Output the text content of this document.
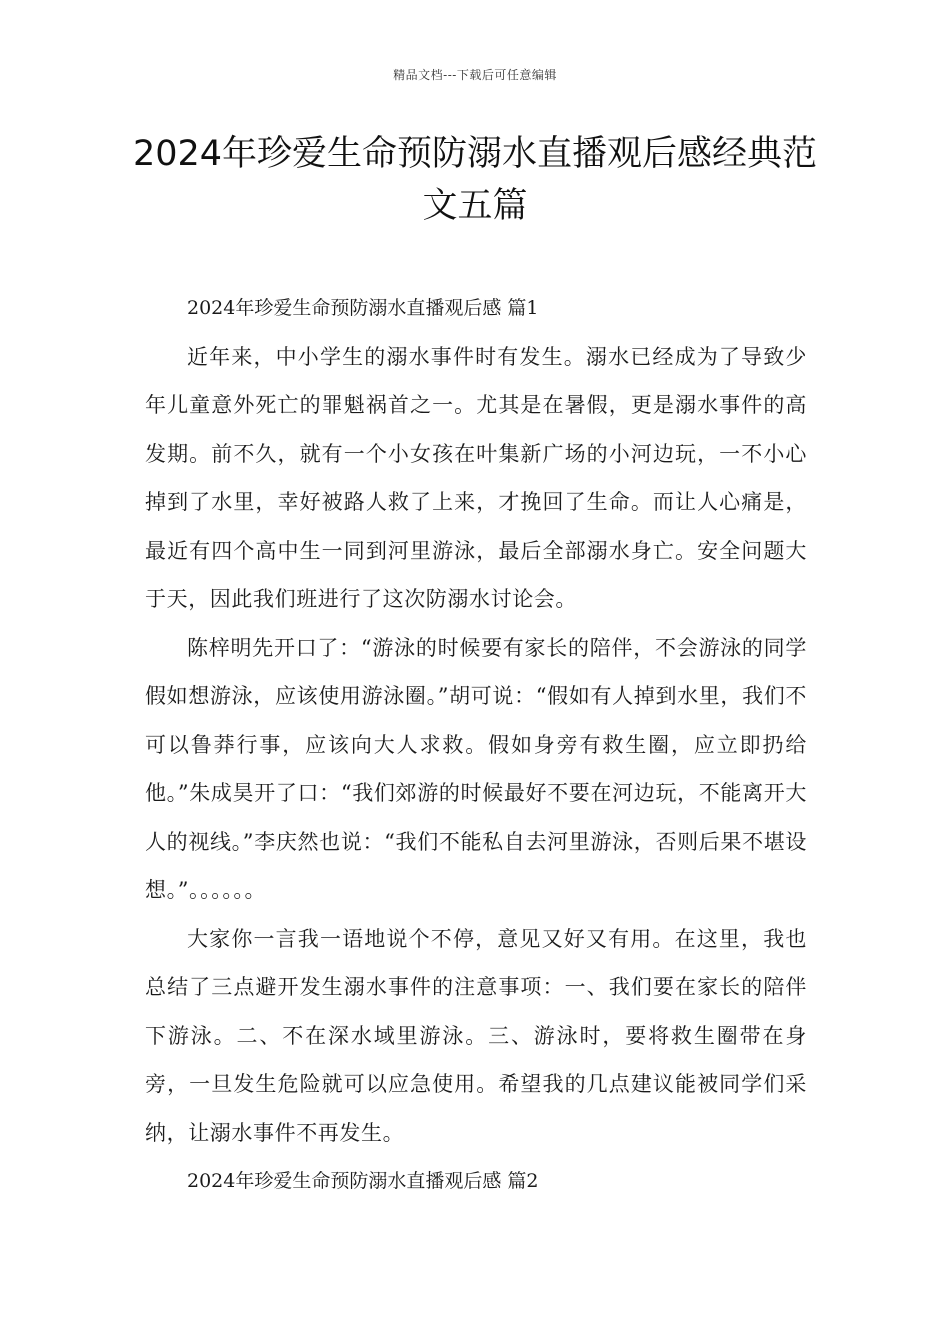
精品文档---下载后可任意编辑
2024年珍爱生命预防溺水直播观后感经典范文五篇

2024年珍爱生命预防溺水直播观后感 篇1

近年来，中小学生的溺水事件时有发生。溺水已经成为了导致少年儿童意外死亡的罪魁祸首之一。尤其是在暑假，更是溺水事件的高发期。前不久，就有一个小女孩在叶集新广场的小河边玩，一不小心掉到了水里，幸好被路人救了上来，才挽回了生命。而让人心痛是，最近有四个高中生一同到河里游泳，最后全部溺水身亡。安全问题大于天，因此我们班进行了这次防溺水讨论会。

陈梓明先开口了：“游泳的时候要有家长的陪伴，不会游泳的同学假如想游泳，应该使用游泳圈。”胡可说：“假如有人掉到水里，我们不可以鲁莽行事，应该向大人求救。假如身旁有救生圈，应立即扔给他。”朱成昊开了口：“我们郊游的时候最好不要在河边玩，不能离开大人的视线。”李庆然也说：“我们不能私自去河里游泳，否则后果不堪设想。”。。。。。。

大家你一言我一语地说个不停，意见又好又有用。在这里，我也总结了三点避开发生溺水事件的注意事项：一、我们要在家长的陪伴下游泳。二、不在深水域里游泳。三、游泳时，要将救生圈带在身旁，一旦发生危险就可以应急使用。希望我的几点建议能被同学们采纳，让溺水事件不再发生。

2024年珍爱生命预防溺水直播观后感 篇2
